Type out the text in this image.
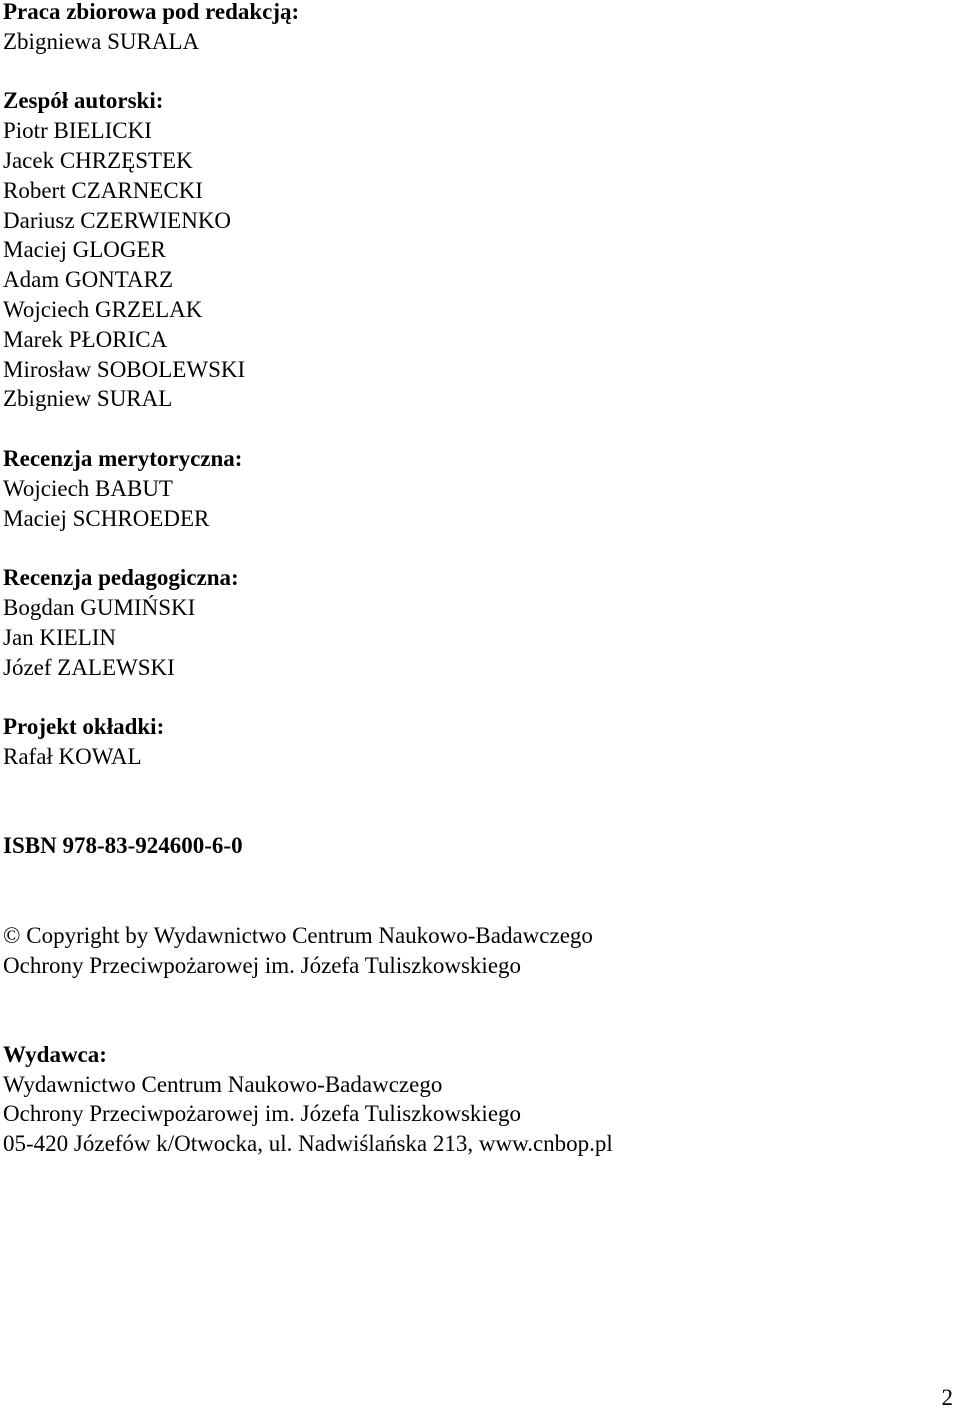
Praca zbiorowa pod redakcją:
Zbigniewa SURALA
Zespół autorski:
Piotr BIELICKI
Jacek CHRZĘSTEK
Robert CZARNECKI
Dariusz CZERWIENKO
Maciej GLOGER
Adam GONTARZ
Wojciech GRZELAK
Marek PŁORICA
Mirosław SOBOLEWSKI
Zbigniew SURAL
Recenzja merytoryczna:
Wojciech BABUT
Maciej SCHROEDER
Recenzja pedagogiczna:
Bogdan GUMIŃSKI
Jan KIELIN
Józef ZALEWSKI
Projekt okładki:
Rafał KOWAL
ISBN 978-83-924600-6-0
© Copyright by Wydawnictwo Centrum Naukowo-Badawczego
Ochrony Przeciwpożarowej im. Józefa Tuliszkowskiego
Wydawca:
Wydawnictwo Centrum Naukowo-Badawczego
Ochrony Przeciwpożarowej im. Józefa Tuliszkowskiego
05-420 Józefów k/Otwocka, ul. Nadwiślańska 213, www.cnbop.pl
2
